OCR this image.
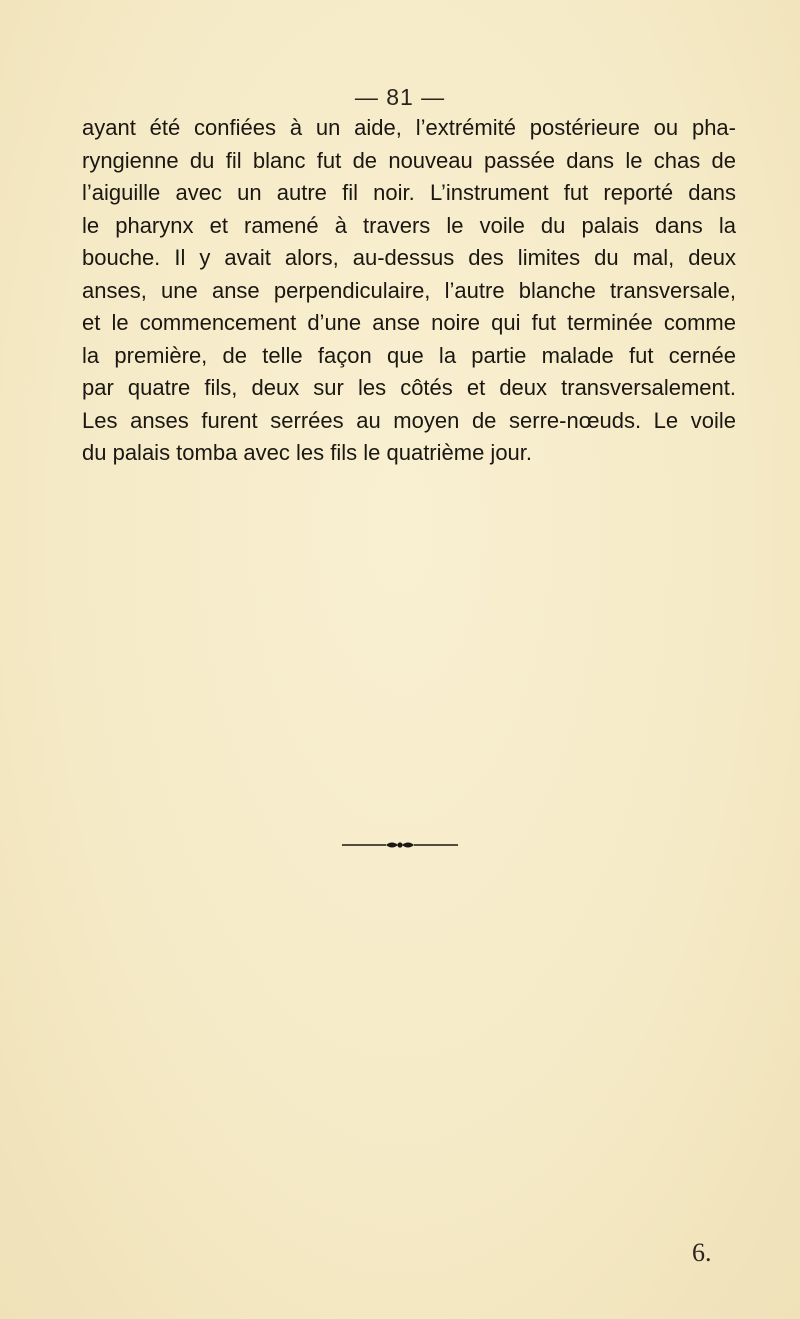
— 81 —

ayant été confiées à un aide, l’extrémité postérieure ou pha-
ryngienne du fil blanc fut de nouveau passée dans le chas de
l’aiguille avec un autre fil noir. L’instrument fut reporté dans
le pharynx et ramené à travers le voile du palais dans la
bouche. Il y avait alors, au-dessus des limites du mal, deux
anses, une anse perpendiculaire, l’autre blanche transversale,
et le commencement d’une anse noire qui fut terminée comme
la première, de telle façon que la partie malade fut cernée
par quatre fils, deux sur les côtés et deux transversalement.
Les anses furent serrées au moyen de serre-nœuds. Le voile
du palais tomba avec les fils le quatrième jour.

6.
